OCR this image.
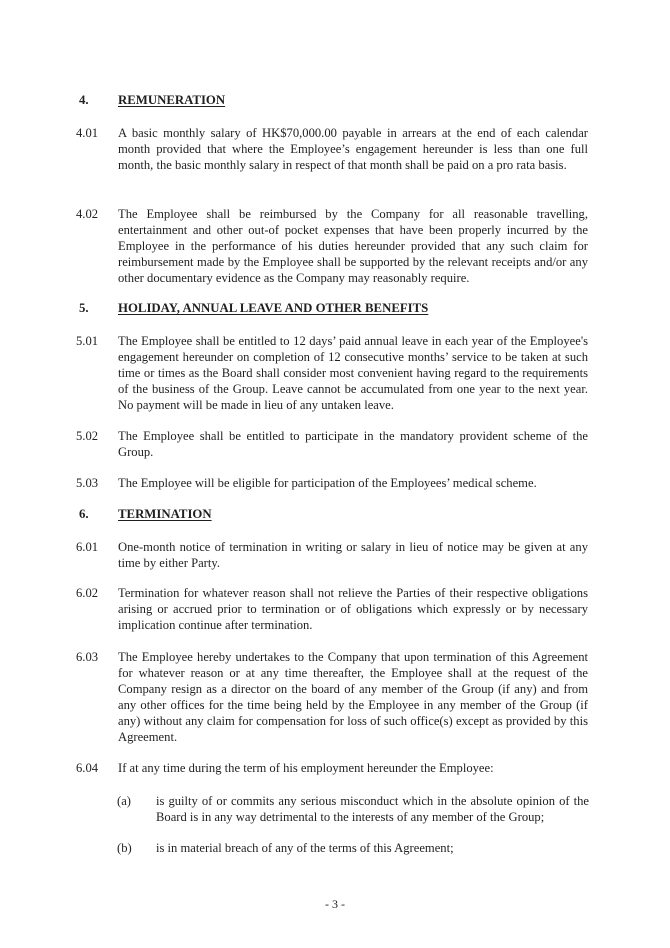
4. REMUNERATION
4.01 A basic monthly salary of HK$70,000.00 payable in arrears at the end of each calendar month provided that where the Employee’s engagement hereunder is less than one full month, the basic monthly salary in respect of that month shall be paid on a pro rata basis.
4.02 The Employee shall be reimbursed by the Company for all reasonable travelling, entertainment and other out-of pocket expenses that have been properly incurred by the Employee in the performance of his duties hereunder provided that any such claim for reimbursement made by the Employee shall be supported by the relevant receipts and/or any other documentary evidence as the Company may reasonably require.
5. HOLIDAY, ANNUAL LEAVE AND OTHER BENEFITS
5.01 The Employee shall be entitled to 12 days’ paid annual leave in each year of the Employee's engagement hereunder on completion of 12 consecutive months’ service to be taken at such time or times as the Board shall consider most convenient having regard to the requirements of the business of the Group. Leave cannot be accumulated from one year to the next year. No payment will be made in lieu of any untaken leave.
5.02 The Employee shall be entitled to participate in the mandatory provident scheme of the Group.
5.03 The Employee will be eligible for participation of the Employees’ medical scheme.
6. TERMINATION
6.01 One-month notice of termination in writing or salary in lieu of notice may be given at any time by either Party.
6.02 Termination for whatever reason shall not relieve the Parties of their respective obligations arising or accrued prior to termination or of obligations which expressly or by necessary implication continue after termination.
6.03 The Employee hereby undertakes to the Company that upon termination of this Agreement for whatever reason or at any time thereafter, the Employee shall at the request of the Company resign as a director on the board of any member of the Group (if any) and from any other offices for the time being held by the Employee in any member of the Group (if any) without any claim for compensation for loss of such office(s) except as provided by this Agreement.
6.04 If at any time during the term of his employment hereunder the Employee:
(a) is guilty of or commits any serious misconduct which in the absolute opinion of the Board is in any way detrimental to the interests of any member of the Group;
(b) is in material breach of any of the terms of this Agreement;
- 3 -
